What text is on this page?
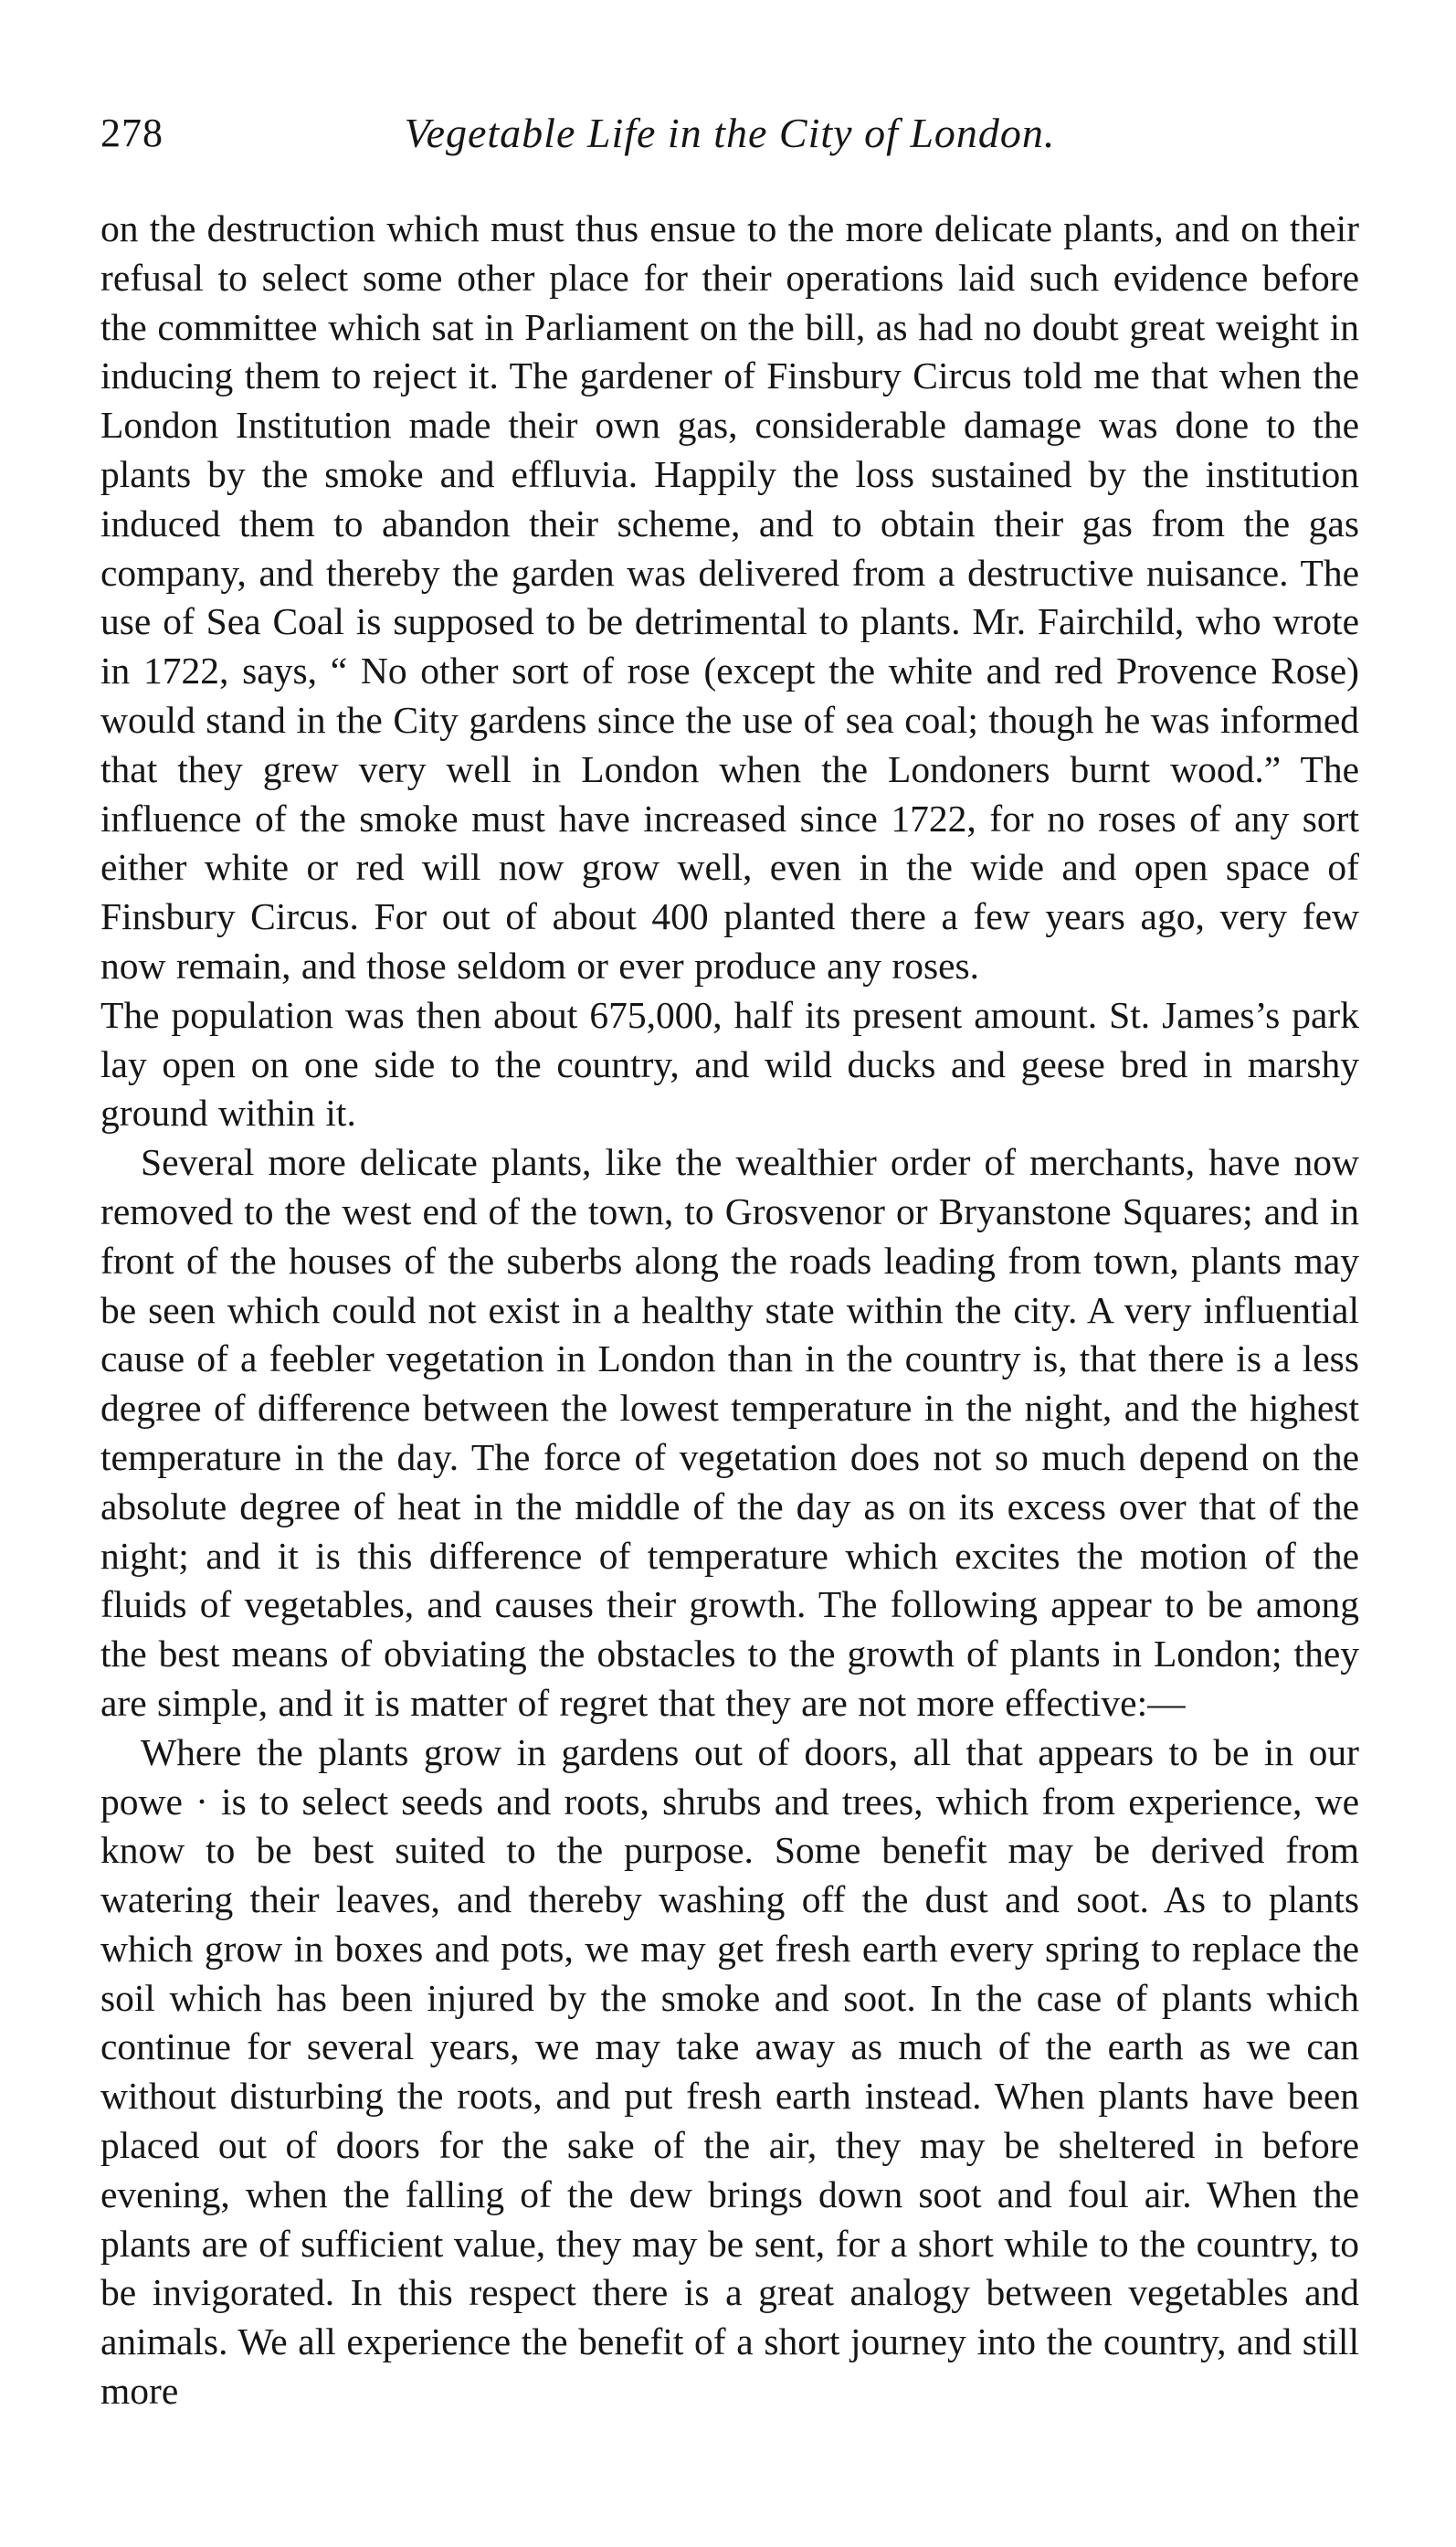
278	Vegetable Life in the City of London.

on the destruction which must thus ensue to the more delicate plants, and on their refusal to select some other place for their operations laid such evidence before the committee which sat in Parliament on the bill, as had no doubt great weight in inducing them to reject it. The gardener of Finsbury Circus told me that when the London Institution made their own gas, considerable damage was done to the plants by the smoke and effluvia. Happily the loss sustained by the institution induced them to abandon their scheme, and to obtain their gas from the gas company, and thereby the garden was delivered from a destructive nuisance. The use of Sea Coal is supposed to be detrimental to plants. Mr. Fairchild, who wrote in 1722, says, “ No other sort of rose (except the white and red Provence Rose) would stand in the City gardens since the use of sea coal; though he was informed that they grew very well in London when the Londoners burnt wood.” The influence of the smoke must have increased since 1722, for no roses of any sort either white or red will now grow well, even in the wide and open space of Finsbury Circus. For out of about 400 planted there a few years ago, very few now remain, and those seldom or ever produce any roses.

The population was then about 675,000, half its present amount. St. James’s park lay open on one side to the country, and wild ducks and geese bred in marshy ground within it.

Several more delicate plants, like the wealthier order of merchants, have now removed to the west end of the town, to Grosvenor or Bryanstone Squares; and in front of the houses of the suberbs along the roads leading from town, plants may be seen which could not exist in a healthy state within the city. A very influential cause of a feebler vegetation in London than in the country is, that there is a less degree of difference between the lowest temperature in the night, and the highest temperature in the day. The force of vegetation does not so much depend on the absolute degree of heat in the middle of the day as on its excess over that of the night; and it is this difference of temperature which excites the motion of the fluids of vegetables, and causes their growth. The following appear to be among the best means of obviating the obstacles to the growth of plants in London; they are simple, and it is matter of regret that they are not more effective:—

Where the plants grow in gardens out of doors, all that appears to be in our powe · is to select seeds and roots, shrubs and trees, which from experience, we know to be best suited to the purpose. Some benefit may be derived from watering their leaves, and thereby washing off the dust and soot. As to plants which grow in boxes and pots, we may get fresh earth every spring to replace the soil which has been injured by the smoke and soot. In the case of plants which continue for several years, we may take away as much of the earth as we can without disturbing the roots, and put fresh earth instead. When plants have been placed out of doors for the sake of the air, they may be sheltered in before evening, when the falling of the dew brings down soot and foul air. When the plants are of sufficient value, they may be sent, for a short while to the country, to be invigorated. In this respect there is a great analogy between vegetables and animals. We all experience the benefit of a short journey into the country, and still more
